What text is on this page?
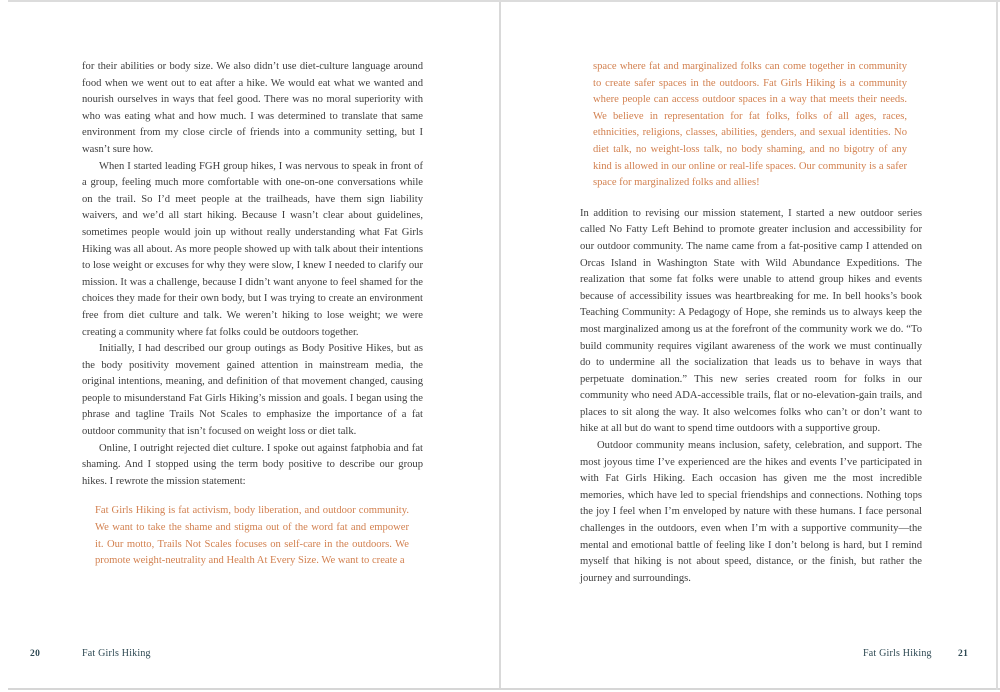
for their abilities or body size. We also didn’t use diet-culture language around food when we went out to eat after a hike. We would eat what we wanted and nourish ourselves in ways that feel good. There was no moral superiority with who was eating what and how much. I was determined to translate that same environment from my close circle of friends into a community setting, but I wasn’t sure how.

When I started leading FGH group hikes, I was nervous to speak in front of a group, feeling much more comfortable with one-on-one conversations while on the trail. So I’d meet people at the trailheads, have them sign liability waivers, and we’d all start hiking. Because I wasn’t clear about guidelines, sometimes people would join up without really understanding what Fat Girls Hiking was all about. As more people showed up with talk about their intentions to lose weight or excuses for why they were slow, I knew I needed to clarify our mission. It was a challenge, because I didn’t want anyone to feel shamed for the choices they made for their own body, but I was trying to create an environment free from diet culture and talk. We weren’t hiking to lose weight; we were creating a community where fat folks could be outdoors together.

Initially, I had described our group outings as Body Positive Hikes, but as the body positivity movement gained attention in mainstream media, the original intentions, meaning, and definition of that movement changed, causing people to misunderstand Fat Girls Hiking’s mission and goals. I began using the phrase and tagline Trails Not Scales to emphasize the importance of a fat outdoor community that isn’t focused on weight loss or diet talk.

Online, I outright rejected diet culture. I spoke out against fatphobia and fat shaming. And I stopped using the term body positive to describe our group hikes. I rewrote the mission statement:

Fat Girls Hiking is fat activism, body liberation, and outdoor community. We want to take the shame and stigma out of the word fat and empower it. Our motto, Trails Not Scales focuses on self-care in the outdoors. We promote weight-neutrality and Health At Every Size. We want to create a
20	Fat Girls Hiking
space where fat and marginalized folks can come together in community to create safer spaces in the outdoors. Fat Girls Hiking is a community where people can access outdoor spaces in a way that meets their needs. We believe in representation for fat folks, folks of all ages, races, ethnicities, religions, classes, abilities, genders, and sexual identities. No diet talk, no weight-loss talk, no body shaming, and no bigotry of any kind is allowed in our online or real-life spaces. Our community is a safer space for marginalized folks and allies!

In addition to revising our mission statement, I started a new outdoor series called No Fatty Left Behind to promote greater inclusion and accessibility for our outdoor community. The name came from a fat-positive camp I attended on Orcas Island in Washington State with Wild Abundance Expeditions. The realization that some fat folks were unable to attend group hikes and events because of accessibility issues was heartbreaking for me. In bell hooks’s book Teaching Community: A Pedagogy of Hope, she reminds us to always keep the most marginalized among us at the forefront of the community work we do. “To build community requires vigilant awareness of the work we must continually do to undermine all the socialization that leads us to behave in ways that perpetuate domination.” This new series created room for folks in our community who need ADA-accessible trails, flat or no-elevation-gain trails, and places to sit along the way. It also welcomes folks who can’t or don’t want to hike at all but do want to spend time outdoors with a supportive group.

Outdoor community means inclusion, safety, celebration, and support. The most joyous time I’ve experienced are the hikes and events I’ve participated in with Fat Girls Hiking. Each occasion has given me the most incredible memories, which have led to special friendships and connections. Nothing tops the joy I feel when I’m enveloped by nature with these humans. I face personal challenges in the outdoors, even when I’m with a supportive community—the mental and emotional battle of feeling like I don’t belong is hard, but I remind myself that hiking is not about speed, distance, or the finish, but rather the journey and surroundings.

Fat Girls Hiking	21
